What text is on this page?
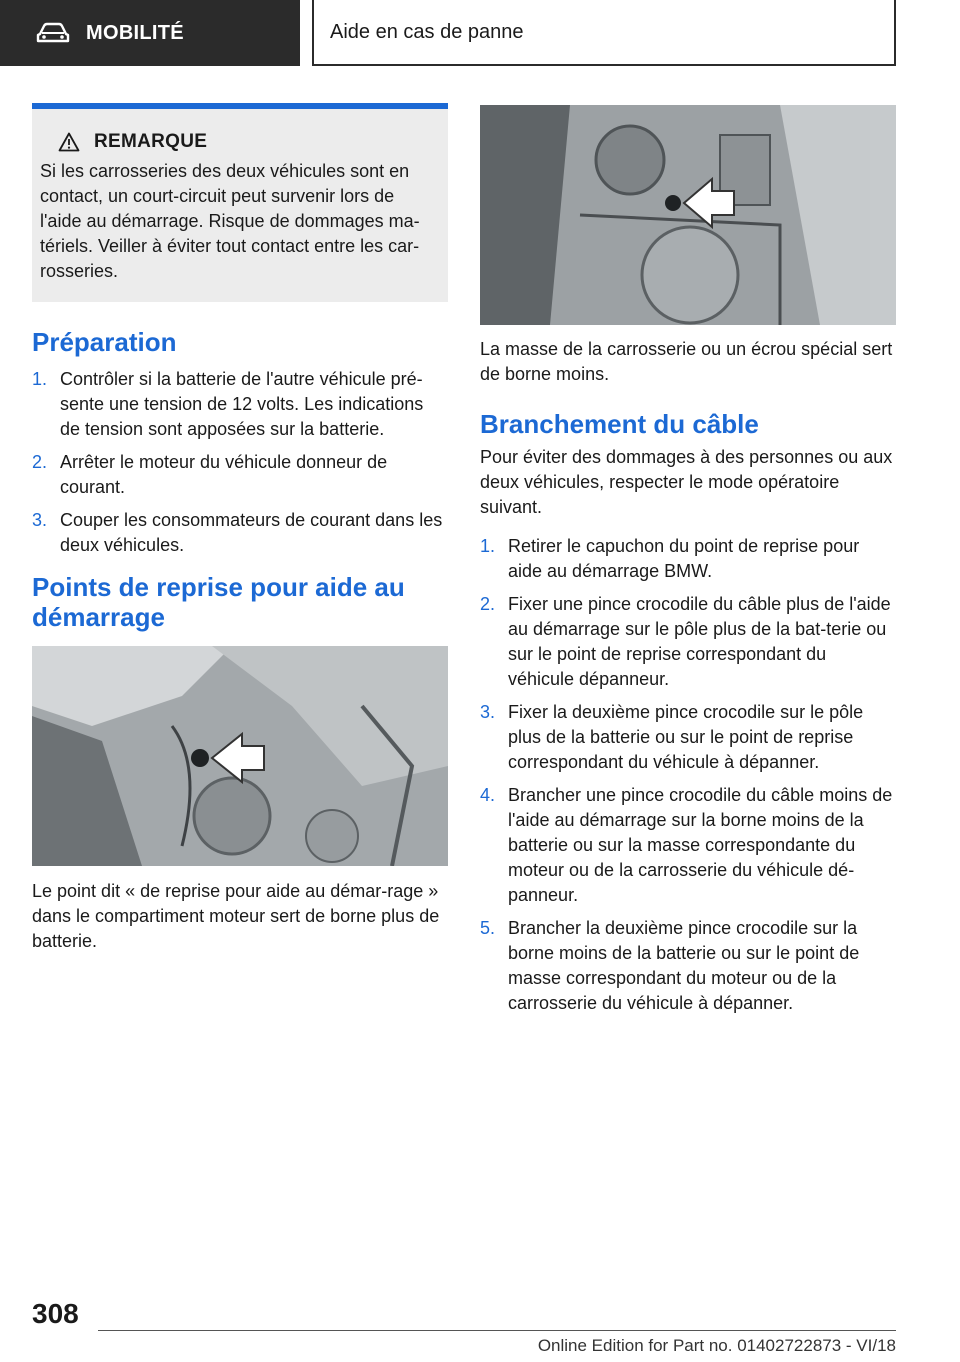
MOBILITÉ	Aide en cas de panne
REMARQUE

Si les carrosseries des deux véhicules sont en contact, un court-circuit peut survenir lors de l'aide au démarrage. Risque de dommages ma-tériels. Veiller à éviter tout contact entre les car-rosseries.

Préparation
1. Contrôler si la batterie de l'autre véhicule pré-sente une tension de 12 volts. Les indications de tension sont apposées sur la batterie.
2. Arrêter le moteur du véhicule donneur de courant.
3. Couper les consommateurs de courant dans les deux véhicules.
Points de reprise pour aide au démarrage

Le point dit « de reprise pour aide au démar-rage » dans le compartiment moteur sert de borne plus de batterie.

La masse de la carrosserie ou un écrou spécial sert de borne moins.

Branchement du câble

Pour éviter des dommages à des personnes ou aux deux véhicules, respecter le mode opératoire suivant.

1. Retirer le capuchon du point de reprise pour aide au démarrage BMW.
2. Fixer une pince crocodile du câble plus de l'aide au démarrage sur le pôle plus de la bat-terie ou sur le point de reprise correspondant du véhicule dépanneur.
3. Fixer la deuxième pince crocodile sur le pôle plus de la batterie ou sur le point de reprise correspondant du véhicule à dépanner.
4. Brancher une pince crocodile du câble moins de l'aide au démarrage sur la borne moins de la batterie ou sur la masse correspondante du moteur ou de la carrosserie du véhicule dé-panneur.
5. Brancher la deuxième pince crocodile sur la borne moins de la batterie ou sur le point de masse correspondant du moteur ou de la carrosserie du véhicule à dépanner.
308
Online Edition for Part no. 01402722873 - VI/18
